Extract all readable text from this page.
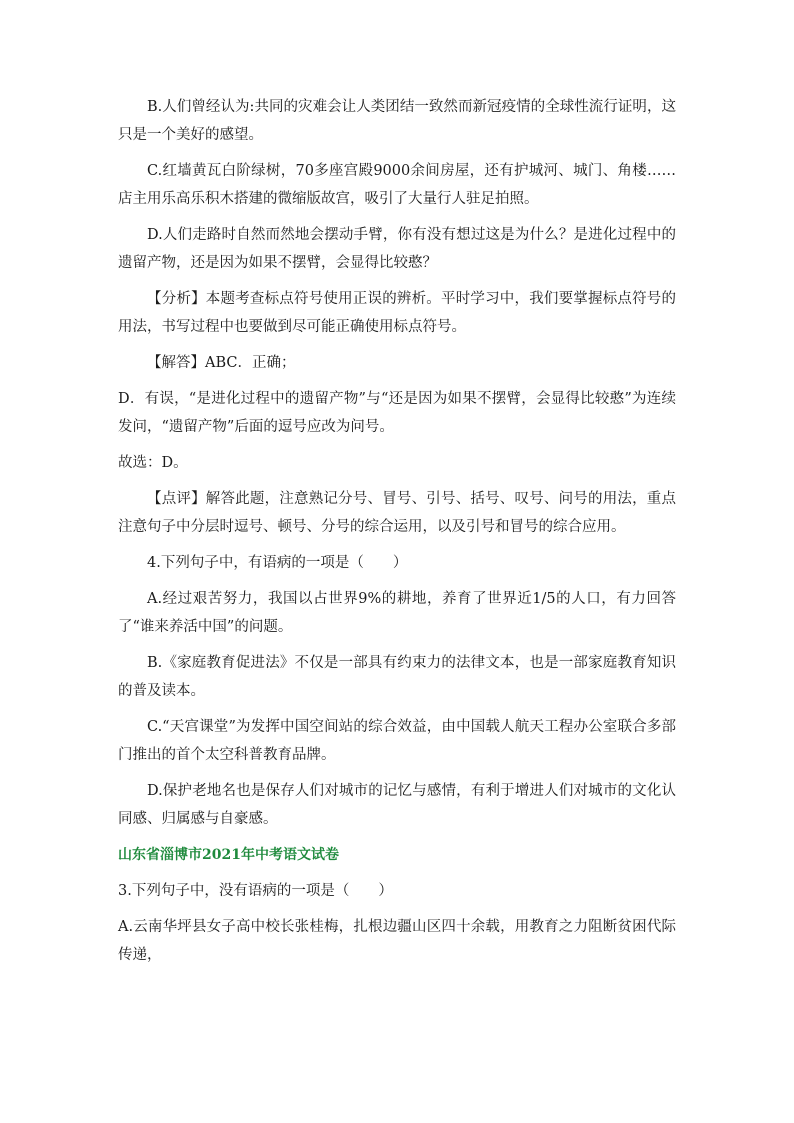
B.人们曾经认为:共同的灾难会让人类团结一致然而新冠疫情的全球性流行证明，这只是一个美好的感望。

C.红墙黄瓦白阶绿树，70多座宫殿9000余间房屋，还有护城河、城门、角楼……店主用乐高乐积木搭建的微缩版故宫，吸引了大量行人驻足拍照。

D.人们走路时自然而然地会摆动手臂，你有没有想过这是为什么？是进化过程中的遗留产物，还是因为如果不摆臂，会显得比较憨？

【分析】本题考查标点符号使用正误的辨析。平时学习中，我们要掌握标点符号的用法，书写过程中也要做到尽可能正确使用标点符号。

【解答】ABC．正确；

D．有误，“是进化过程中的遗留产物”与“还是因为如果不摆臂，会显得比较憨”为连续发问，“遗留产物”后面的逗号应改为问号。

故选：D。

【点评】解答此题，注意熟记分号、冒号、引号、括号、叹号、问号的用法，重点注意句子中分层时逗号、顿号、分号的综合运用，以及引号和冒号的综合应用。

4.下列句子中，有语病的一项是（　　）

A.经过艰苦努力，我国以占世界9%的耕地，养育了世界近1/5的人口，有力回答了“谁来养活中国”的问题。

B.《家庭教育促进法》不仅是一部具有约束力的法律文本，也是一部家庭教育知识的普及读本。

C.“天宫课堂”为发挥中国空间站的综合效益，由中国载人航天工程办公室联合多部门推出的首个太空科普教育品牌。

D.保护老地名也是保存人们对城市的记忆与感情，有利于增进人们对城市的文化认同感、归属感与自豪感。

山东省淄博市2021年中考语文试卷

3.下列句子中，没有语病的一项是（　　）

A.云南华坪县女子高中校长张桂梅，扎根边疆山区四十余载，用教育之力阻断贫困代际传递，
